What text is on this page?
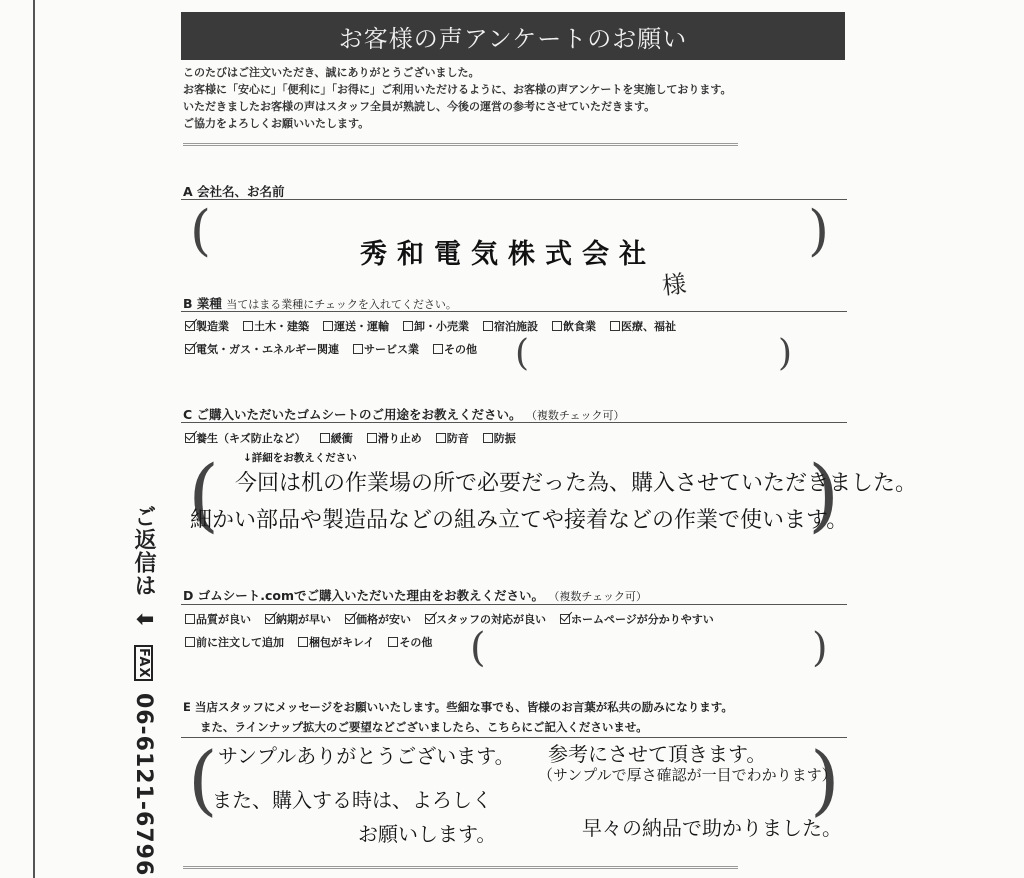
ご返信は ⬇ FAX 06-6121-6796
お客様の声アンケートのお願い
このたびはご注文いただき、誠にありがとうございました。
お客様に「安心に」「便利に」「お得に」ご利用いただけるように、お客様の声アンケートを実施しております。
いただきましたお客様の声はスタッフ全員が熟読し、今後の運営の参考にさせていただきます。
ご協力をよろしくお願いいたします。
A 会社名、お名前
(	)
秀和電気株式会社
様
B 業種 当てはまる業種にチェックを入れてください。
製造業 土木・建築 運送・運輸 卸・小売業 宿泊施設 飲食業 医療、福祉
電気・ガス・エネルギー関連 サービス業 その他 (	)
C ご購入いただいたゴムシートのご用途をお教えください。 （複数チェック可）
養生（キズ防止など） 緩衝 滑り止め 防音 防振
↓詳細をお教えください
(	)
今回は机の作業場の所で必要だった為、購入させていただきました。
細かい部品や製造品などの組み立てや接着などの作業で使います。
D ゴムシート.comでご購入いただいた理由をお教えください。 （複数チェック可）
品質が良い 納期が早い 価格が安い スタッフの対応が良い ホームページが分かりやすい
前に注文して追加 梱包がキレイ その他 (	)
E 当店スタッフにメッセージをお願いいたします。些細な事でも、皆様のお言葉が私共の励みになります。
また、ラインナップ拡大のご要望などございましたら、こちらにご記入くださいませ。
(	)
サンプルありがとうございます。 参考にさせて頂きます。
（サンプルで厚さ確認が一目でわかります）
また、購入する時は、よろしく
お願いします。	早々の納品で助かりました。
